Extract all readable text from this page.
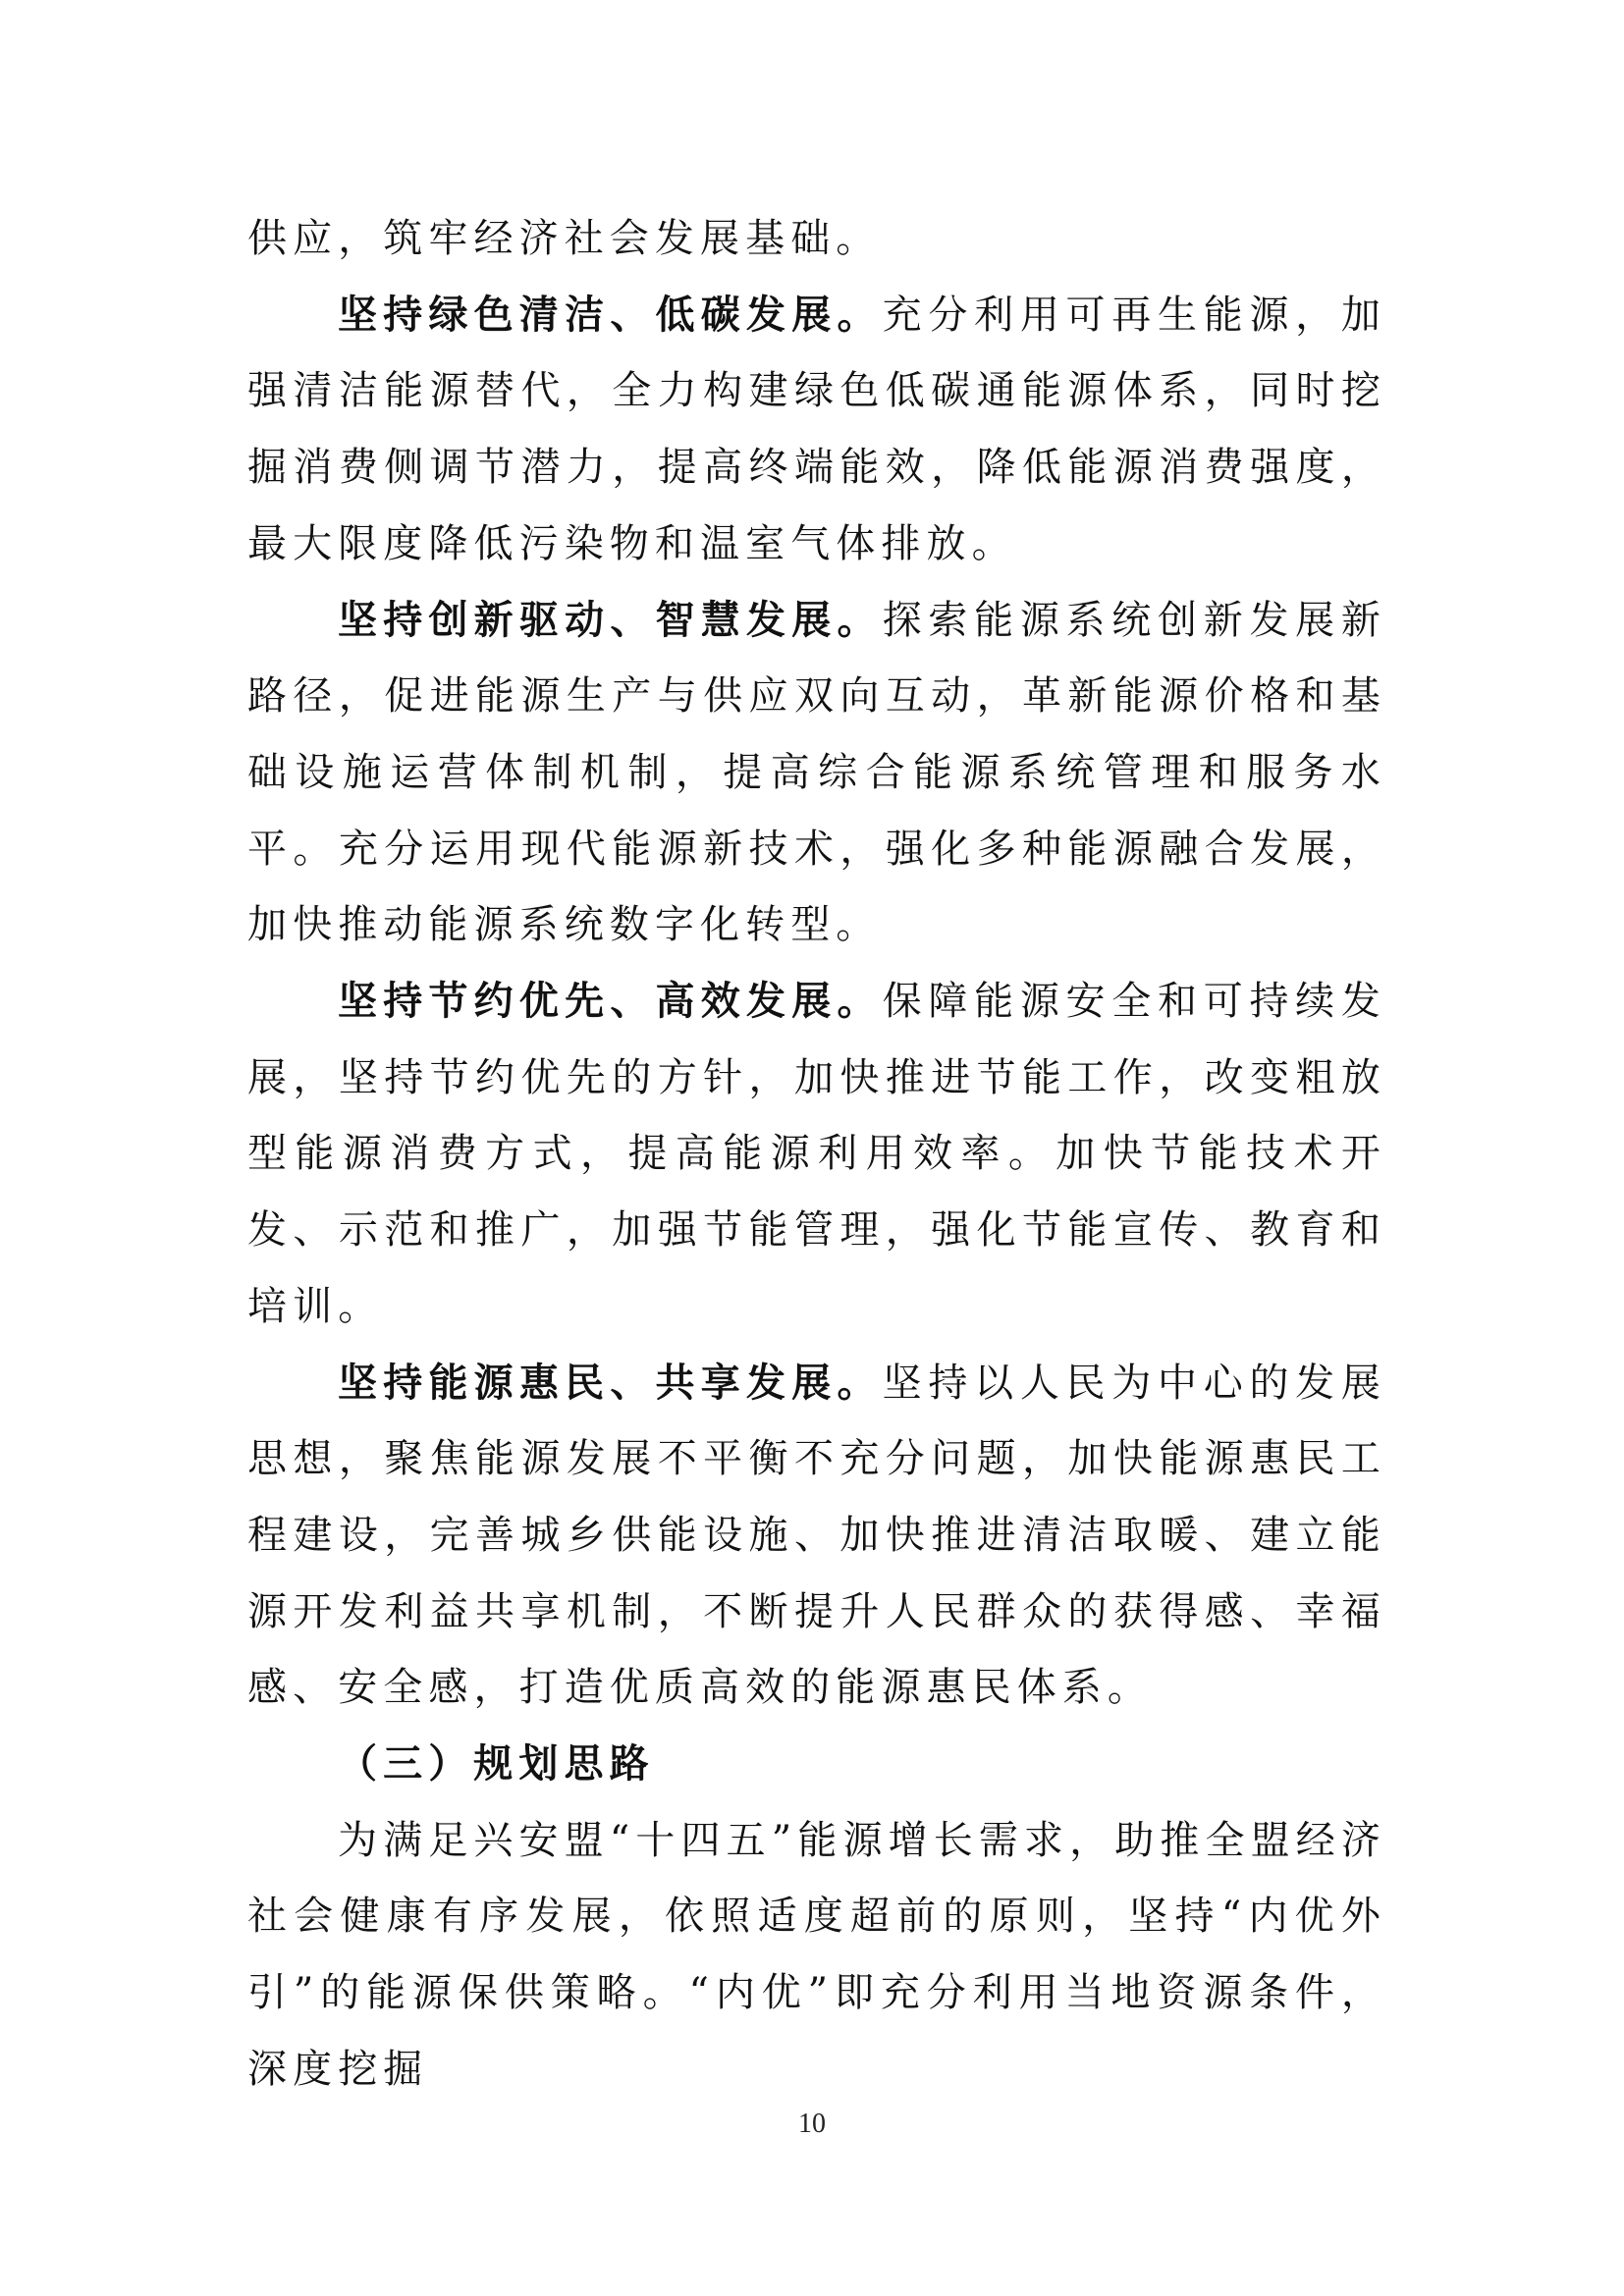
供应，筑牢经济社会发展基础。

坚持绿色清洁、低碳发展。充分利用可再生能源，加强清洁能源替代，全力构建绿色低碳通能源体系，同时挖掘消费侧调节潜力，提高终端能效，降低能源消费强度，最大限度降低污染物和温室气体排放。

坚持创新驱动、智慧发展。探索能源系统创新发展新路径，促进能源生产与供应双向互动，革新能源价格和基础设施运营体制机制，提高综合能源系统管理和服务水平。充分运用现代能源新技术，强化多种能源融合发展，加快推动能源系统数字化转型。

坚持节约优先、高效发展。保障能源安全和可持续发展，坚持节约优先的方针，加快推进节能工作，改变粗放型能源消费方式，提高能源利用效率。加快节能技术开发、示范和推广，加强节能管理，强化节能宣传、教育和培训。

坚持能源惠民、共享发展。坚持以人民为中心的发展思想，聚焦能源发展不平衡不充分问题，加快能源惠民工程建设，完善城乡供能设施、加快推进清洁取暖、建立能源开发利益共享机制，不断提升人民群众的获得感、幸福感、安全感，打造优质高效的能源惠民体系。

（三）规划思路

为满足兴安盟“十四五”能源增长需求，助推全盟经济社会健康有序发展，依照适度超前的原则，坚持“内优外引”的能源保供策略。“内优”即充分利用当地资源条件，深度挖掘

10
